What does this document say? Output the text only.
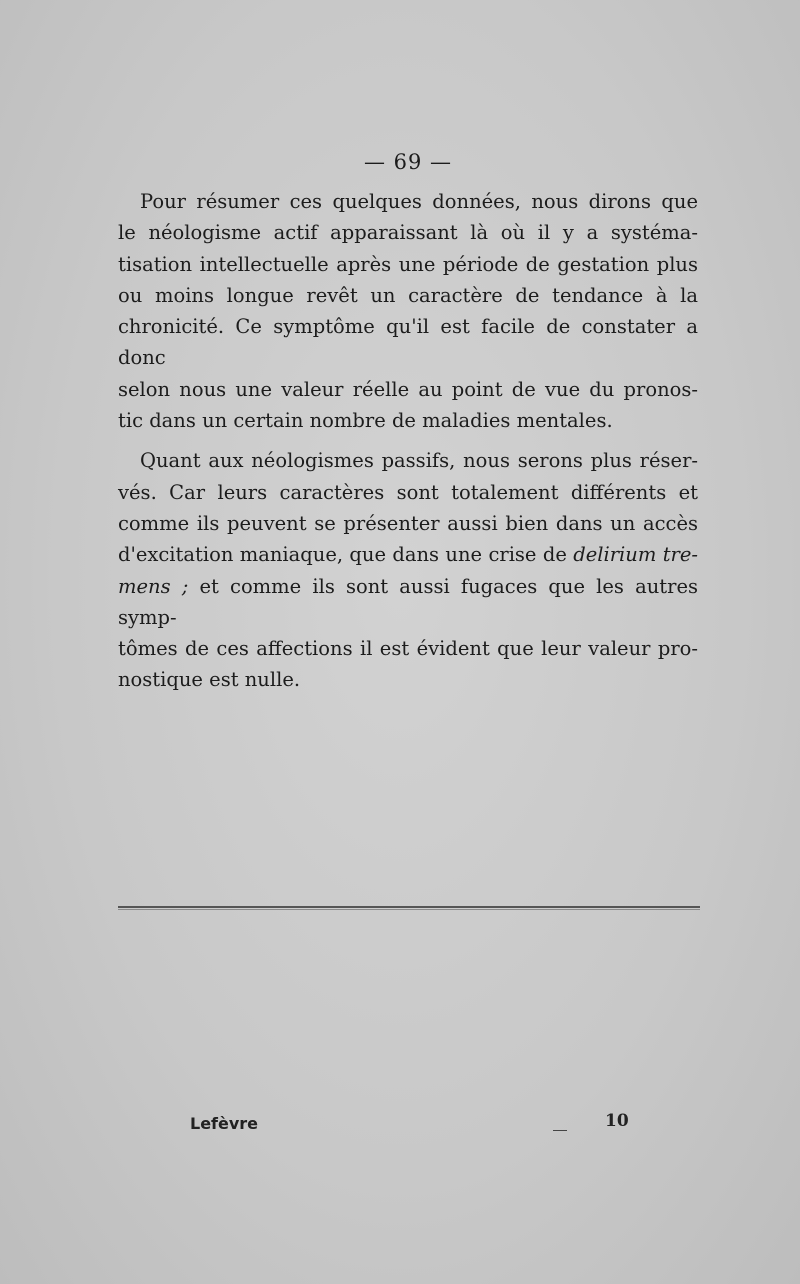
— 69 —

Pour résumer ces quelques données, nous dirons que
le néologisme actif apparaissant là où il y a systéma-
tisation intellectuelle après une période de gestation plus
ou moins longue revêt un caractère de tendance à la
chronicité. Ce symptôme qu'il est facile de constater a donc
selon nous une valeur réelle au point de vue du pronos-
tic dans un certain nombre de maladies mentales.

Quant aux néologismes passifs, nous serons plus réser-
vés. Car leurs caractères sont totalement différents et
comme ils peuvent se présenter aussi bien dans un accès
d'excitation maniaque, que dans une crise de delirium tre-
mens ; et comme ils sont aussi fugaces que les autres symp-
tômes de ces affections il est évident que leur valeur pro-
nostique est nulle.

Lefèvre	10
